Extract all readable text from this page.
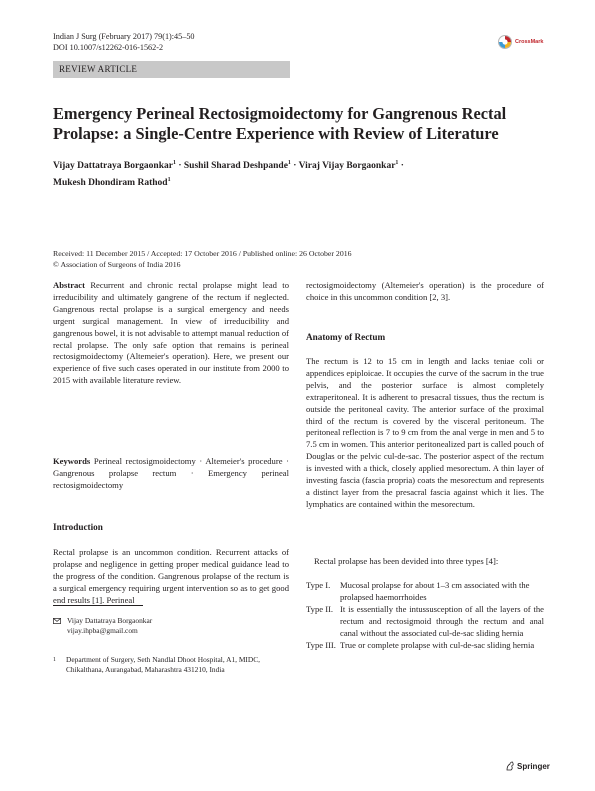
Indian J Surg (February 2017) 79(1):45–50
DOI 10.1007/s12262-016-1562-2
CrossMark
REVIEW ARTICLE
Emergency Perineal Rectosigmoidectomy for Gangrenous Rectal
Prolapse: a Single-Centre Experience with Review of Literature
Vijay Dattatraya Borgaonkar$^1$ · Sushil Sharad Deshpande$^1$ · Viraj Vijay Borgaonkar$^1$ ·
Mukesh Dhondiram Rathod$^1$
Received: 11 December 2015 / Accepted: 17 October 2016 / Published online: 26 October 2016
© Association of Surgeons of India 2016

Abstract Recurrent and chronic rectal prolapse might lead to irreducibility and ultimately gangrene of the rectum if neglected. Gangrenous rectal prolapse is a surgical emergency and needs urgent surgical management. In view of irreducibility and gangrenous bowel, it is not advisable to attempt manual reduction of rectal prolapse. The only safe option that remains is perineal rectosigmoidectomy (Altemeier's operation). Here, we present our experience of five such cases operated in our institute from 2000 to 2015 with available literature review.

Keywords Perineal rectosigmoidectomy · Altemeier's procedure · Gangrenous prolapse rectum · Emergency perineal rectosigmoidectomy

Introduction
Rectal prolapse is an uncommon condition. Recurrent attacks of prolapse and negligence in getting proper medical guidance lead to the progress of the condition. Gangrenous prolapse of the rectum is a surgical emergency requiring urgent intervention so as to get good end results [1]. Perineal
Vijay Dattatraya Borgaonkar
vijay.ihpba@gmail.com
1 Department of Surgery, Seth Nandlal Dhoot Hospital, A1, MIDC, Chikalthana, Aurangabad, Maharashtra 431210, India
rectosigmoidectomy (Altemeier's operation) is the procedure of choice in this uncommon condition [2, 3].
Anatomy of Rectum
The rectum is 12 to 15 cm in length and lacks teniae coli or appendices epiploicae. It occupies the curve of the sacrum in the true pelvis, and the posterior surface is almost completely extraperitoneal. It is adherent to presacral tissues, thus the rectum is outside the peritoneal cavity. The anterior surface of the proximal third of the rectum is covered by the visceral peritoneum. The peritoneal reflection is 7 to 9 cm from the anal verge in men and 5 to 7.5 cm in women. This anterior peritonealized part is called pouch of Douglas or the pelvic cul-de-sac. The posterior aspect of the rectum is invested with a thick, closely applied mesorectum. A thin layer of investing fascia (fascia propria) coats the mesorectum and represents a distinct layer from the presacral fascia against which it lies. The lymphatics are contained within the mesorectum.
Rectal prolapse has been devided into three types [4]:
Type I.	Mucosal prolapse for about 1–3 cm associated with the prolapsed haemorrhoides
Type II. It is essentially the intussusception of all the layers of the rectum and rectosigmoid through the rectum and anal canal without the associated cul-de-sac sliding hernia
Type III. True or complete prolapse with cul-de-sac sliding hernia
Springer
